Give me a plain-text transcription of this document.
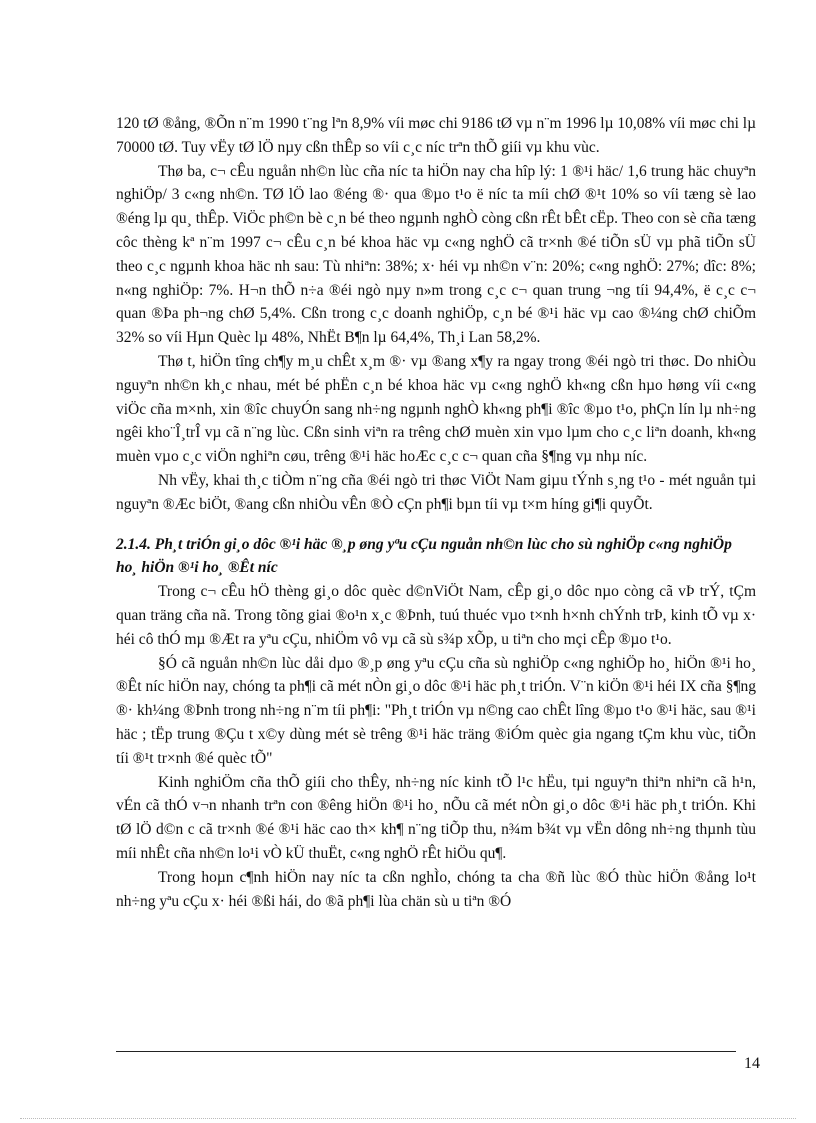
120 tØ ®ång, ®Õn n¨m 1990 t¨ng lªn 8,9% víi møc chi 9186 tØ vµ n¨m 1996 lµ 10,08% víi møc chi lµ 70000 tØ. Tuy vËy tØ lÖ nµy cßn thÊp so víi c¸c níc trªn thÕ giíi vµ khu vùc.

Thø ba, c¬ cÊu nguån nh©n lùc cña níc ta hiÖn nay cha hîp lý: 1 ®¹i häc/ 1,6 trung häc chuyªn nghiÖp/ 3 c«ng nh©n. TØ lÖ lao ®éng ®· qua ®µo t¹o ë níc ta míi chØ ®¹t 10% so víi tæng sè lao ®éng lµ qu¸ thÊp. ViÖc ph©n bè c¸n bé theo ngµnh nghÒ còng cßn rÊt bÊt cËp. Theo con sè cña tæng côc thèng kª n¨m 1997 c¬ cÊu c¸n bé khoa häc vµ c«ng nghÖ cã tr×nh ®é tiÕn sÜ vµ phã tiÕn sÜ theo c¸c ngµnh khoa häc nh sau: Tù nhiªn: 38%; x· héi vµ nh©n v¨n: 20%; c«ng nghÖ: 27%; dîc: 8%; n«ng nghiÖp: 7%. H¬n thÕ n÷a ®éi ngò nµy n»m trong c¸c c¬ quan trung ¬ng tíi 94,4%, ë c¸c c¬ quan ®Þa ph¬ng chØ 5,4%. Cßn trong c¸c doanh nghiÖp, c¸n bé ®¹i häc vµ cao ®¼ng chØ chiÕm 32% so víi Hµn Quèc lµ 48%, NhËt B¶n lµ 64,4%, Th¸i Lan 58,2%.

Thø t, hiÖn tîng ch¶y m¸u chÊt x¸m ®· vµ ®ang x¶y ra ngay trong ®éi ngò tri thøc. Do nhiÒu nguyªn nh©n kh¸c nhau, mét bé phËn c¸n bé khoa häc vµ c«ng nghÖ kh«ng cßn hµo høng víi c«ng viÖc cña m×nh, xin ®îc chuyÓn sang nh÷ng ngµnh nghÒ kh«ng ph¶i ®îc ®µo t¹o, phÇn lín lµ nh÷ng ngêi kho¨Î¸trÎ vµ cã n¨ng lùc. Cßn sinh viªn ra trêng chØ muèn xin vµo lµm cho c¸c liªn doanh, kh«ng muèn vµo c¸c viÖn nghiªn cøu, trêng ®¹i häc hoÆc c¸c c¬ quan cña §¶ng vµ nhµ níc.

Nh vËy, khai th¸c tiÒm n¨ng cña ®éi ngò tri thøc ViÖt Nam giµu tÝnh s¸ng t¹o - mét nguån tµi nguyªn ®Æc biÖt, ®ang cßn nhiÒu vÊn ®Ò cÇn ph¶i bµn tíi vµ t×m híng gi¶i quyÕt.

2.1.4. Ph¸t triÓn gi¸o dôc ®¹i häc ®¸p øng yªu cÇu nguån nh©n lùc cho sù nghiÖp c«ng nghiÖp ho¸ hiÖn ®¹i ho¸ ®Êt níc

Trong c¬ cÊu hÖ thèng gi¸o dôc quèc d©nViÖt Nam, cÊp gi¸o dôc nµo còng cã vÞ trÝ, tÇm quan träng cña nã. Trong tõng giai ®o¹n x¸c ®Þnh, tuú thuéc vµo t×nh h×nh chÝnh trÞ, kinh tÕ vµ x· héi cô thÓ mµ ®Æt ra yªu cÇu, nhiÖm vô vµ cã sù s¾p xÕp, u tiªn cho mçi cÊp ®µo t¹o.

§Ó cã nguån nh©n lùc dåi dµo ®¸p øng yªu cÇu cña sù nghiÖp c«ng nghiÖp ho¸ hiÖn ®¹i ho¸ ®Êt níc hiÖn nay, chóng ta ph¶i cã mét nÒn gi¸o dôc ®¹i häc ph¸t triÓn. V¨n kiÖn ®¹i héi IX cña §¶ng ®· kh¼ng ®Þnh trong nh÷ng n¨m tíi ph¶i: "Ph¸t triÓn vµ n©ng cao chÊt lîng ®µo t¹o ®¹i häc, sau ®¹i häc ; tËp trung ®Çu t x©y dùng mét sè trêng ®¹i häc träng ®iÓm quèc gia ngang tÇm khu vùc, tiÕn tíi ®¹t tr×nh ®é quèc tÕ"

Kinh nghiÖm cña thÕ giíi cho thÊy, nh÷ng níc kinh tÕ l¹c hËu, tµi nguyªn thiªn nhiªn cã h¹n, vÉn cã thÓ v¬n nhanh trªn con ®êng hiÖn ®¹i ho¸ nÕu cã mét nÒn gi¸o dôc ®¹i häc ph¸t triÓn. Khi tØ lÖ d©n c cã tr×nh ®é ®¹i häc cao th× kh¶ n¨ng tiÕp thu, n¾m b¾t vµ vËn dông nh÷ng thµnh tùu míi nhÊt cña nh©n lo¹i vÒ kÜ thuËt, c«ng nghÖ rÊt hiÖu qu¶.

Trong hoµn c¶nh hiÖn nay níc ta cßn nghÌo, chóng ta cha ®ñ lùc ®Ó thùc hiÖn ®ång lo¹t nh÷ng yªu cÇu x· héi ®ßi hái, do ®ã ph¶i lùa chän sù u tiªn ®Ó

14
